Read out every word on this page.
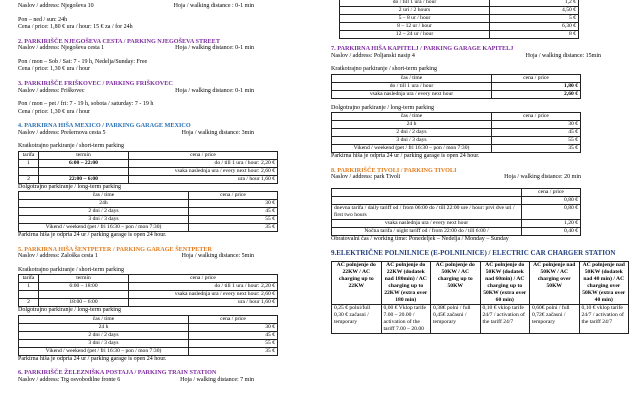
Naslov / address: Njegoševa 10	Hoja / walking distance : 0-1 min

Pon – ned / sun: 24h

Cena / price: 1,80 € ura / hour: 15 € za / for 24h

2. PARKIRIŠČE NJEGOŠEVA CESTA / PARKING NJEGOŠEVA STREET

Naslov / address: Njegoševa cesta 1	Hoja / walking distance: 0-1 min

Pon / mon – Sob / Sat: 7 - 19 h, Nedelja/Sunday: Free

Cena / price: 1,30 € ura / hour

3. PARKIRIŠČE FRIŠKOVEC / PARKING FRIŠKOVEC

Naslov / address: Friškovec	Hoja / walking distance: 0-1 min

Pon / mon – pet / fri: 7 - 19 h, sobota / saturday: 7 - 19 h

Cena / price: 1,30 € ura / hour

4. PARKIRNA HIŠA MEXICO / PARKING GARAGE MEXICO

Naslov / address: Prešernova cesta 5	Hoja / walking distance: 3min

Kratkotrajno parkiranje / short-term parking

tarifa	termin	cena / price
1	6:00 – 22:00	do / till 1 ura / hour: 2,20 €
		vsaka naslednja ura / every next hour: 2,60 €
2	22:00 – 6:00	ura / hour 1,60 €

Dolgotrajno parkiranje / long-term parking

čas / time	cena / price
24h	30 €
2 dni / 2 days	45 €
3 dni / 3 days	55 €
Vikend / weekend (pet / fri 16:30 – pon / mon 7:30)	35 €

Parkirna hiša je odprta 24 ur / parking garage is open 24 hour.

5. PARKIRNA HIŠA ŠENTPETER / PARKING GARAGE ŠENTPETER

Naslov / address: Zaloška cesta 1	Hoja / walking distance: 5min

Kratkotrajno parkiranje / short-term parking

tarifa	termin	cena / price
1	6:00 – 18:00	do / till 1 ura / hour: 2,20 €
		vsaka naslednja ura / every next hour: 2,60 €
2	18:00 – 6:00	ura / hour 1,60 €

Dolgotrajno parkiranje / long-term parking

čas / time	cena / price
24 h	30 €
2 dni / 2 days	45 €
3 dni / 3 days	55 €
Vikend / weekend (pet / fri 16:30 – pon / mon 7:30)	35 €

Parkirna hiša je odprta 24 ur / parking garage is open 24 hour.

6. PARKIRIŠČE ŽELEZNIŠKA POSTAJA / PARKING TRAIN STATION

Naslov / address: Trg osvobodilne fronte 6	Hoja / walking distance: 7 min
do / till 1 ura / hour	1,2 €
2 uri / 2 hours	4,50 €
5 – 8 ur / hour	5 €
8 – 12 ur / hour	6,30 €
12 – 24 ur / hour	8 €

7. PARKIRNA HIŠA KAPITELJ / PARKING GARAGE KAPITELJ

Naslov / address: Poljanski nasip 4	Hoja / walking distance: 15min

Kratkotrajno parkiranje / short-term parking

čas / time	cena / price
do / till 1 ura / hour	1,80 €
vsaka naslednja ura / every next hour	2,60 €

Dolgotrajno parkiranje / long-term parking

čas / time	cena / price
24 h	30 €
2 dni / 2 days	45 €
3 dni / 3 days	55 €
Vikend / weekend (pet / fri 16:30 – pon / mon 7:30)	35 €

Parkirna hiša je odprta 24 ur / parking garage is open 24 hour.

8. PARKIRIŠČE TIVOLI / PARKING TIVOLI

Naslov / address: park Tivoli	Hoja / walking distance: 20 min
	cena / price
	0,80 €
dnevna tarifa / daily tariff od / from 06:00 do / till 22:00 ure / hour: prvi dve uri / first two hours	0,80 €
vsaka naslednja ura / every next hour	1,20 €
Nočna tarifa / night tariff od / from 22:00 do / till 6:00 /	0,40 €

Obratovalni čas / working time: Ponedeljek – Nedelja / Monday – Sunday

9.ELEKTRIČNE POLNILNICE (E-POLNILNICE) / ELECTRIC CAR CHARGER STATION

AC polnjenje do 22KW / AC charging up to 22KW	AC polnjenje do 22KW (dodatek nad 180min) / AC charging up to 22KW (extra over 180 min)	AC polnjenje do 50KW / AC charging up to 50KW	AC polnjenje do 50KW (dodatek nad 60min) / AC charging up to 50KW (extra over 60 min)	AC polnjenje nad 50KW / AC charging over 50KW	AC polnjenje nad 50KW (dodatek nad 40 min) / AC charging over 50KW (extra over 40 min)
0,25 € polni/full 0,30 € začasni / temporary	0,00 € Vklop tarife 7.00 – 20.00 / activation of the tariff 7.00 – 20.00	0,38€ polni / full 0,45€ začasni / temporary	0,10 € vklop tarife 24/7 / activation of the tariff 24/7	0,60€ polni / full 0,72€ začasni / temporary	0,10 € vklop tarife 24/7 / activation of the tariff 24/7
